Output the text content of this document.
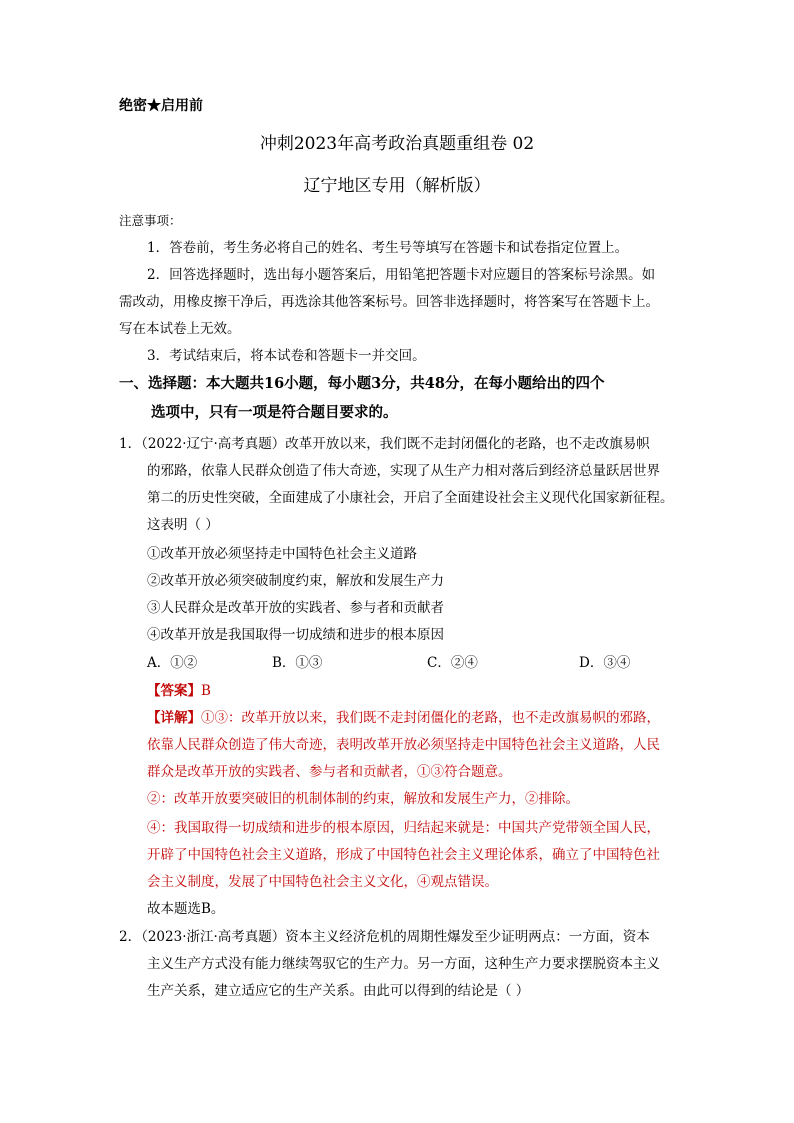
绝密★启用前
冲刺2023年高考政治真题重组卷 02
辽宁地区专用（解析版）
注意事项：
1．答卷前，考生务必将自己的姓名、考生号等填写在答题卡和试卷指定位置上。
2．回答选择题时，选出每小题答案后，用铅笔把答题卡对应题目的答案标号涂黑。如
需改动，用橡皮擦干净后，再选涂其他答案标号。回答非选择题时，将答案写在答题卡上。
写在本试卷上无效。
3．考试结束后，将本试卷和答题卡一并交回。
一、选择题：本大题共16小题，每小题3分，共48分，在每小题给出的四个
选项中，只有一项是符合题目要求的。
1．（2022·辽宁·高考真题）改革开放以来，我们既不走封闭僵化的老路，也不走改旗易帜
的邪路，依靠人民群众创造了伟大奇迹，实现了从生产力相对落后到经济总量跃居世界
第二的历史性突破，全面建成了小康社会，开启了全面建设社会主义现代化国家新征程。
这表明（ ）
①改革开放必须坚持走中国特色社会主义道路
②改革开放必须突破制度约束，解放和发展生产力
③人民群众是改革开放的实践者、参与者和贡献者
④改革开放是我国取得一切成绩和进步的根本原因
A．①②	B．①③	C．②④	D．③④
【答案】B
【详解】①③：改革开放以来，我们既不走封闭僵化的老路，也不走改旗易帜的邪路，
依靠人民群众创造了伟大奇迹，表明改革开放必须坚持走中国特色社会主义道路，人民
群众是改革开放的实践者、参与者和贡献者，①③符合题意。
②：改革开放要突破旧的机制体制的约束，解放和发展生产力，②排除。
④：我国取得一切成绩和进步的根本原因，归结起来就是：中国共产党带领全国人民，
开辟了中国特色社会主义道路，形成了中国特色社会主义理论体系，确立了中国特色社
会主义制度，发展了中国特色社会主义文化，④观点错误。
故本题选B。
2．（2023·浙江·高考真题）资本主义经济危机的周期性爆发至少证明两点：一方面，资本
主义生产方式没有能力继续驾驭它的生产力。另一方面，这种生产力要求摆脱资本主义
生产关系，建立适应它的生产关系。由此可以得到的结论是（ ）
